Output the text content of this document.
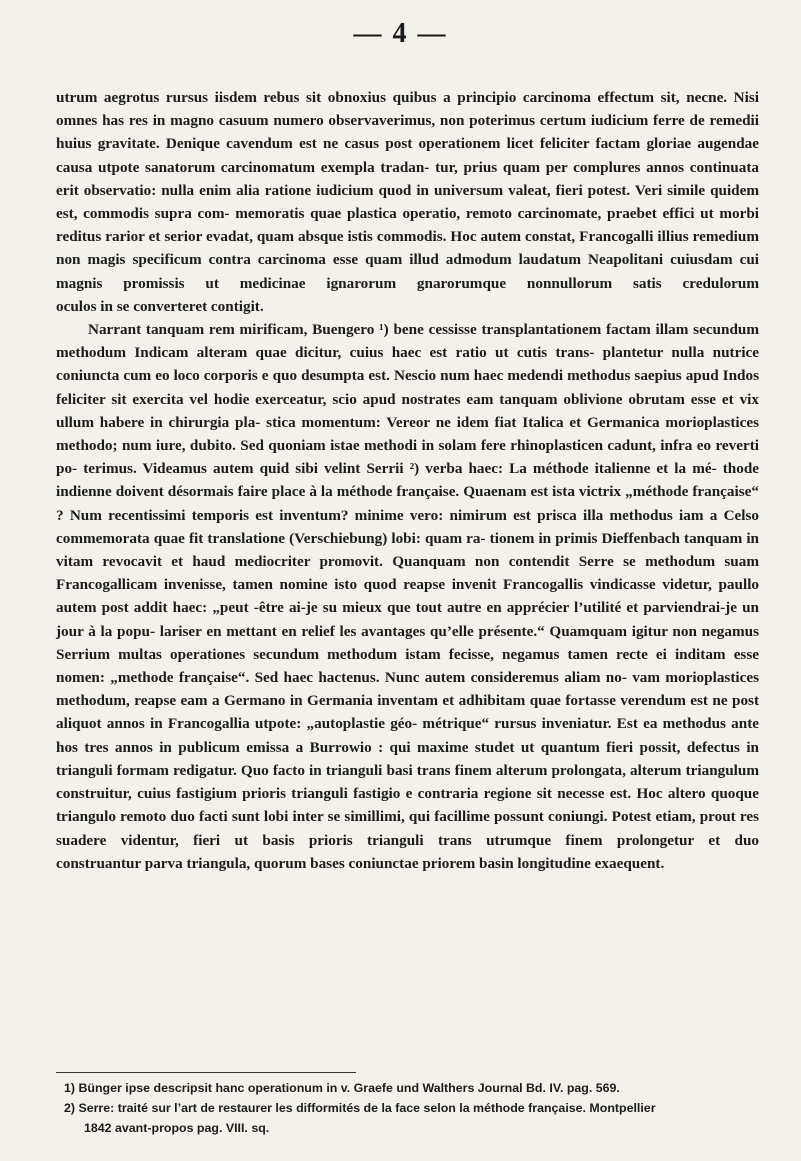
— 4 —

utrum aegrotus rursus iisdem rebus sit obnoxius quibus a principio carcinoma effectum sit, necne. Nisi omnes has res in magno casuum numero observaverimus, non poterimus certum iudicium ferre de remedii huius gravitate. Denique cavendum est ne casus post operationem licet feliciter factam gloriae augendae causa utpote sanatorum carcinomatum exempla tradan- tur, prius quam per complures annos continuata erit observatio: nulla enim alia ratione iudicium quod in universum valeat, fieri potest. Veri simile quidem est, commodis supra com- memoratis quae plastica operatio, remoto carcinomate, praebet effici ut morbi reditus rarior et serior evadat, quam absque istis commodis. Hoc autem constat, Francogalli illius remedium non magis specificum contra carcinoma esse quam illud admodum laudatum Neapolitani cuiusdam cui magnis promissis ut medicinae ignarorum gnarorumque nonnullorum satis credulorum

oculos in se converteret contigit.

Narrant tanquam rem mirificam, Buengero ¹) bene cessisse transplantationem factam illam secundum methodum Indicam alteram quae dicitur, cuius haec est ratio ut cutis trans- plantetur nulla nutrice coniuncta cum eo loco corporis e quo desumpta est. Nescio num haec medendi methodus saepius apud Indos feliciter sit exercita vel hodie exerceatur, scio apud nostrates eam tanquam oblivione obrutam esse et vix ullum habere in chirurgia pla- stica momentum: Vereor ne idem fiat Italica et Germanica morioplastices methodo; num iure, dubito. Sed quoniam istae methodi in solam fere rhinoplasticen cadunt, infra eo reverti po- terimus. Videamus autem quid sibi velint Serrii ²) verba haec: La méthode italienne et la mé- thode indienne doivent désormais faire place à la méthode française. Quaenam est ista victrix „méthode française“ ? Num recentissimi temporis est inventum? minime vero: nimirum est prisca illa methodus iam a Celso commemorata quae fit translatione (Verschiebung) lobi: quam ra- tionem in primis Dieffenbach tanquam in vitam revocavit et haud mediocriter promovit. Quanquam non contendit Serre se methodum suam Francogallicam invenisse, tamen nomine isto quod reapse invenit Francogallis vindicasse videtur, paullo autem post addit haec: „peut -être ai-je su mieux que tout autre en apprécier l’utilité et parviendrai-je un jour à la popu- lariser en mettant en relief les avantages qu’elle présente.“ Quamquam igitur non negamus Serrium multas operationes secundum methodum istam fecisse, negamus tamen recte ei inditam esse nomen: „methode française“. Sed haec hactenus. Nunc autem consideremus aliam no- vam morioplastices methodum, reapse eam a Germano in Germania inventam et adhibitam quae fortasse verendum est ne post aliquot annos in Francogallia utpote: „autoplastie géo- métrique“ rursus inveniatur. Est ea methodus ante hos tres annos in publicum emissa a Burrowio : qui maxime studet ut quantum fieri possit, defectus in trianguli formam redigatur. Quo facto in trianguli basi trans finem alterum prolongata, alterum triangulum construitur, cuius fastigium prioris trianguli fastigio e contraria regione sit necesse est. Hoc altero quoque triangulo remoto duo facti sunt lobi inter se simillimi, qui facillime possunt coniungi. Potest etiam, prout res suadere videntur, fieri ut basis prioris trianguli trans utrumque finem prolongetur et duo

construantur parva triangula, quorum bases coniunctae priorem basin longitudine exaequent.

1) Bünger ipse descripsit hanc operationum in v. Graefe und Walthers Journal Bd. IV. pag. 569.
2) Serre: traité sur l’art de restaurer les difformités de la face selon la méthode française. Montpellier
1842 avant-propos pag. VIII. sq.
